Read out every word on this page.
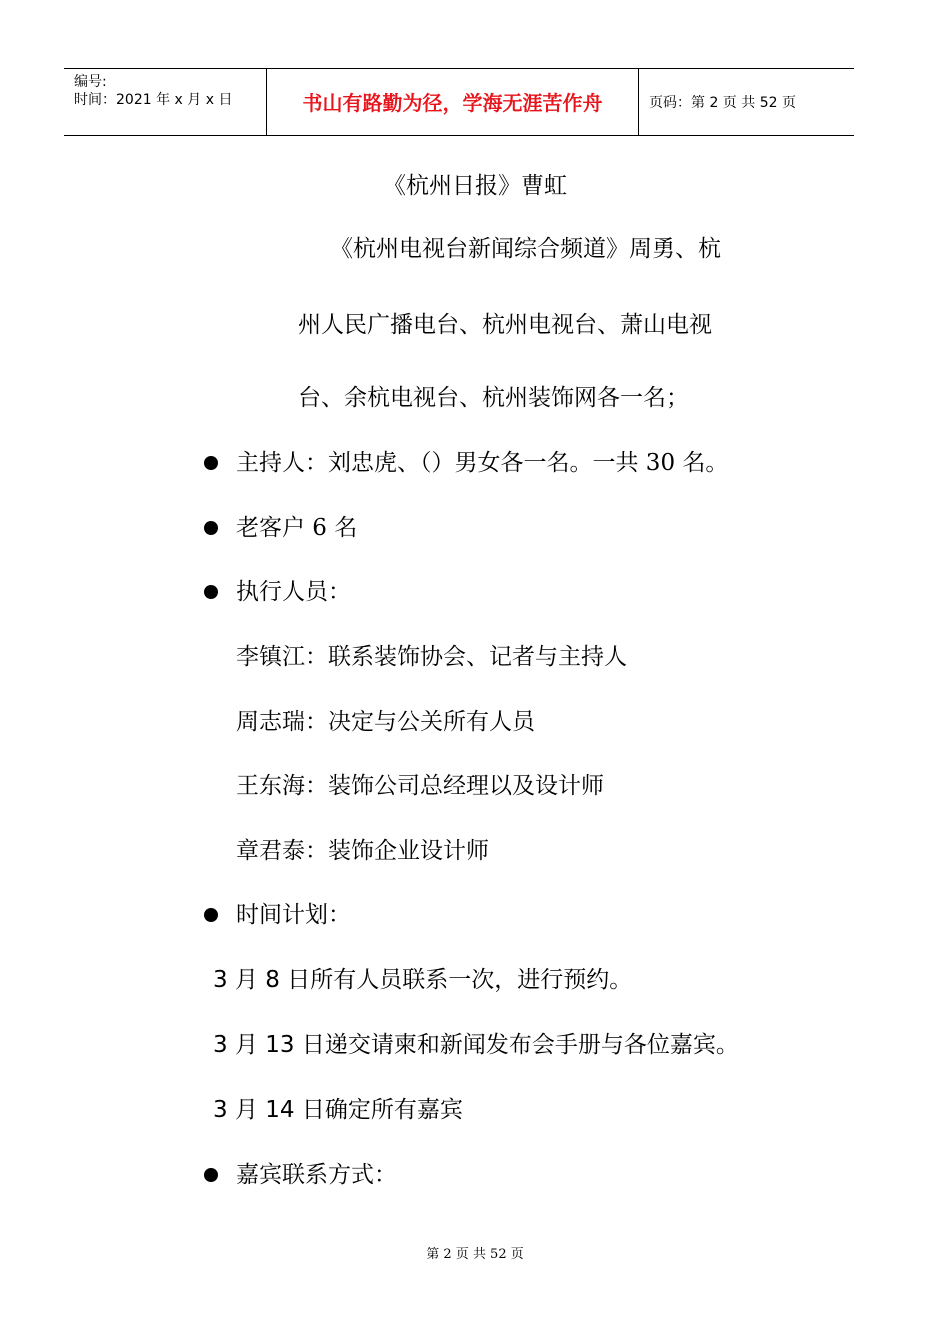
编号:
时间：2021 年 x 月 x 日	书山有路勤为径，学海无涯苦作舟	页码：第 2 页 共 52 页
《杭州日报》曹虹
《杭州电视台新闻综合频道》周勇、杭
州人民广播电台、杭州电视台、萧山电视
台、余杭电视台、杭州装饰网各一名；
主持人：刘忠虎、（）男女各一名。一共 30 名。
老客户 6 名
执行人员：
李镇江：联系装饰协会、记者与主持人
周志瑞：决定与公关所有人员
王东海：装饰公司总经理以及设计师
章君泰：装饰企业设计师
时间计划：
3 月 8 日所有人员联系一次，进行预约。
3 月 13 日递交请柬和新闻发布会手册与各位嘉宾。
3 月 14 日确定所有嘉宾
嘉宾联系方式：
第 2 页 共 52 页
